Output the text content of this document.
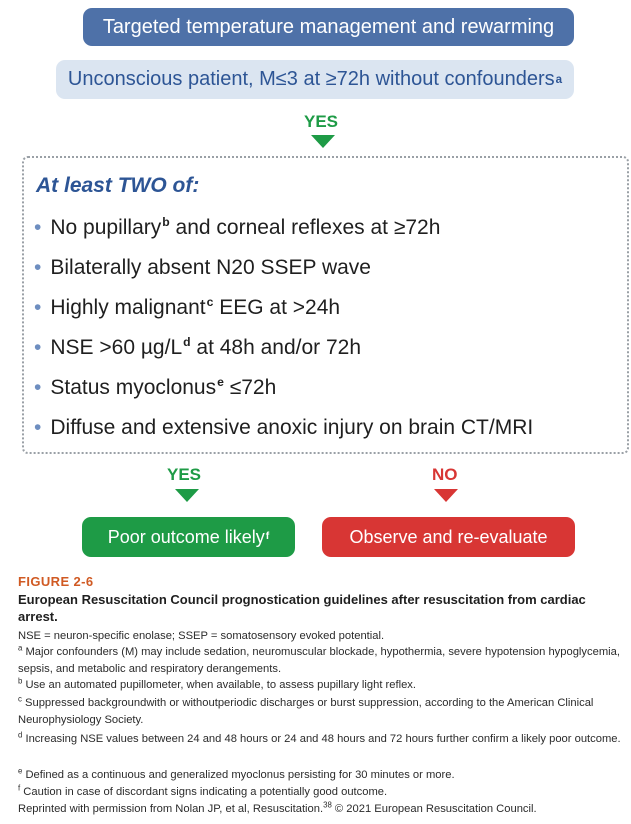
Targeted temperature management and rewarming
Unconscious patient, M≤3 at ≥72h without confounders a
YES
At least TWO of:
• No pupillary$^b$ and corneal reflexes at ≥72h
• Bilaterally absent N20 SSEP wave
• Highly malignant$^c$ EEG at >24h
• NSE >60 µg/L$^d$ at 48h and/or 72h
• Status myoclonus$^e$ ≤72h
• Diffuse and extensive anoxic injury on brain CT/MRI
YES	NO
Poor outcome likely f	Observe and re-evaluate
FIGURE 2-6
European Resuscitation Council prognostication guidelines after resuscitation from cardiac arrest.
NSE = neuron-specific enolase; SSEP = somatosensory evoked potential.
$^a$ Major confounders (M) may include sedation, neuromuscular blockade, hypothermia, severe hypotension hypoglycemia, sepsis, and metabolic and respiratory derangements.
$^b$ Use an automated pupillometer, when available, to assess pupillary light reflex.
$^c$ Suppressed backgroundwith or withoutperiodic discharges or burst suppression, according to the American Clinical Neurophysiology Society.
$^d$ Increasing NSE values between 24 and 48 hours or 24 and 48 hours and 72 hours further confirm a likely poor outcome.
$^e$ Defined as a continuous and generalized myoclonus persisting for 30 minutes or more.
$^f$ Caution in case of discordant signs indicating a potentially good outcome.
Reprinted with permission from Nolan JP, et al, Resuscitation.$^{38}$ © 2021 European Resuscitation Council.
